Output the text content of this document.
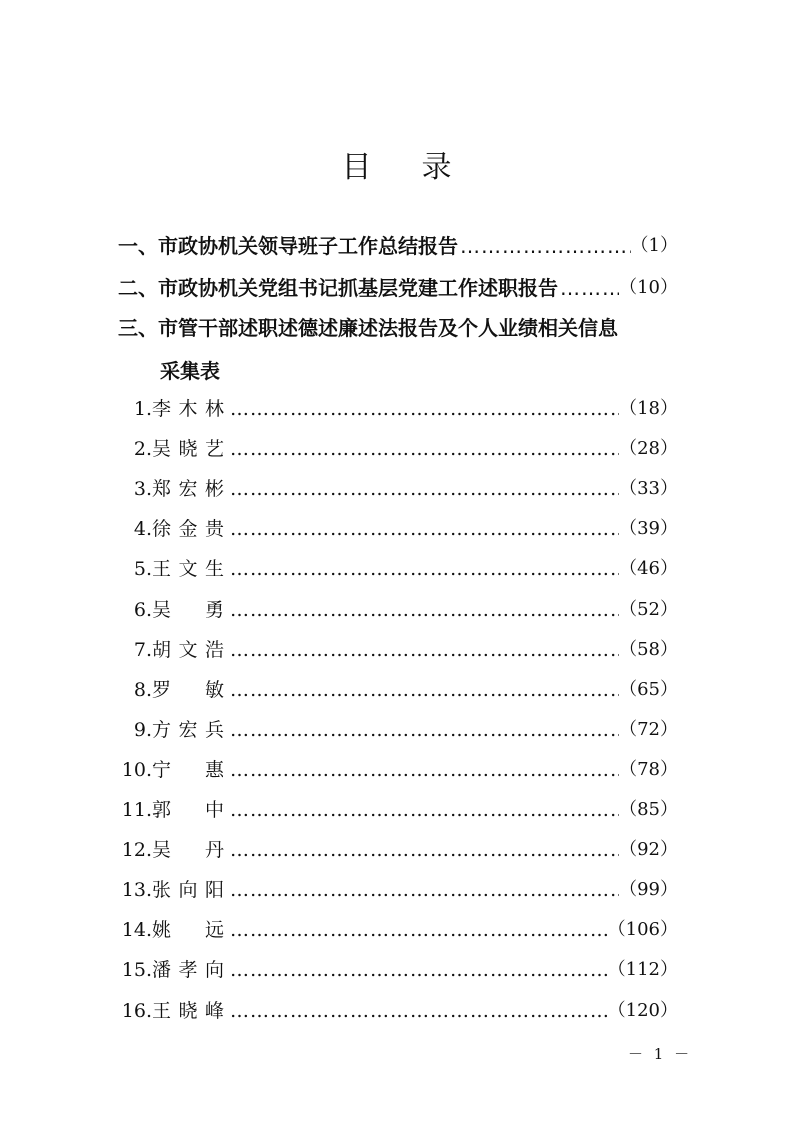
目录
一、市政协机关领导班子工作总结报告 …………………………………………………………………………………………………………	（1）
二、市政协机关党组书记抓基层党建工作述职报告 …………………………………………………………………………………………………………	（10）
三、市管干部述职述德述廉述法报告及个人业绩相关信息
采集表
1. 李 木 林 …………………………………………………………………………………………………………	（18）
2. 吴 晓 艺 …………………………………………………………………………………………………………	（28）
3. 郑 宏 彬 …………………………………………………………………………………………………………	（33）
4. 徐 金 贵 …………………………………………………………………………………………………………	（39）
5. 王 文 生 …………………………………………………………………………………………………………	（46）
6. 吴 勇 …………………………………………………………………………………………………………	（52）
7. 胡 文 浩 …………………………………………………………………………………………………………	（58）
8. 罗 敏 …………………………………………………………………………………………………………	（65）
9. 方 宏 兵 …………………………………………………………………………………………………………	（72）
10. 宁 惠 …………………………………………………………………………………………………………	（78）
11. 郭 中 …………………………………………………………………………………………………………	（85）
12. 吴 丹 …………………………………………………………………………………………………………	（92）
13. 张 向 阳 …………………………………………………………………………………………………………	（99）
14. 姚 远 …………………………………………………………………………………………………………	（106）
15. 潘 孝 向 …………………………………………………………………………………………………………	（112）
16. 王 晓 峰 …………………………………………………………………………………………………………	（120）
－ 1 －
